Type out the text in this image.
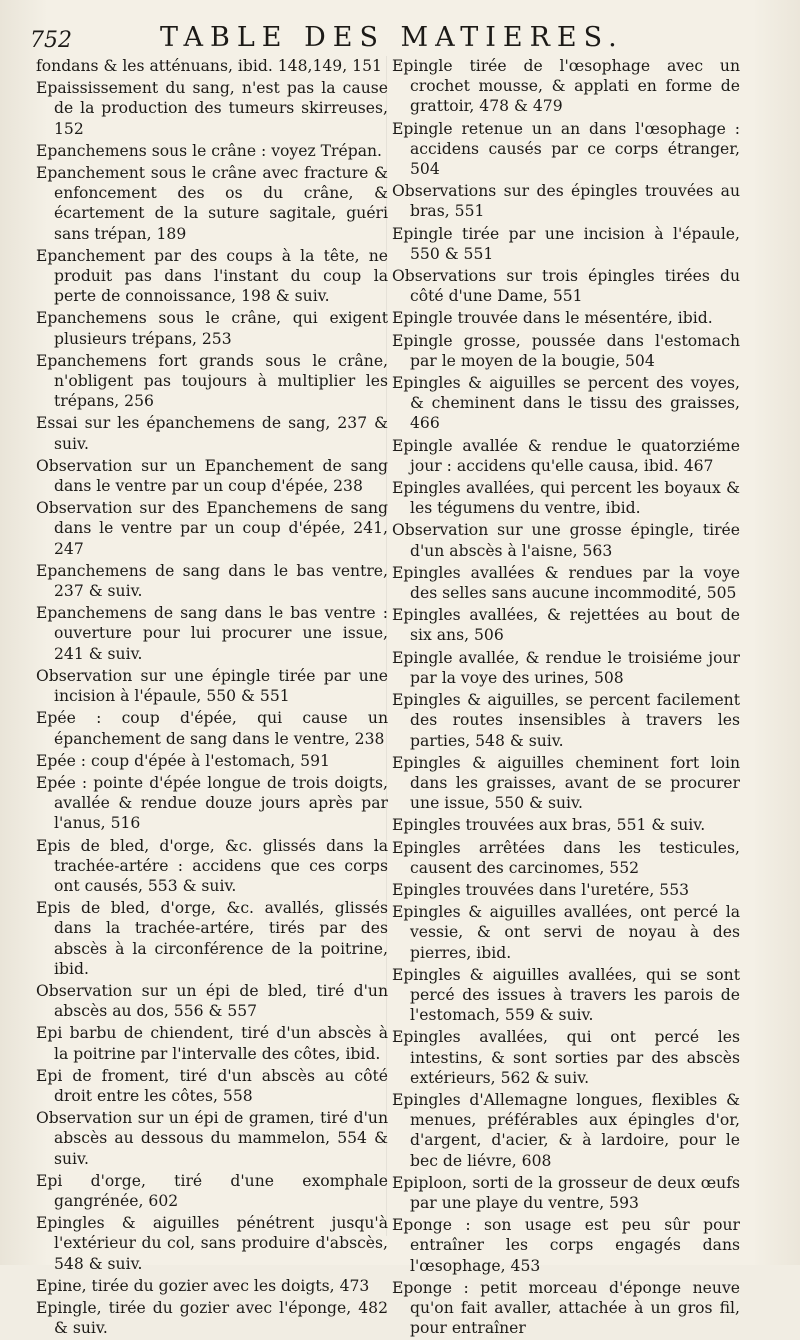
752	TABLE DES MATIERES.

fondans & les atténuans, ibid. 148,149, 151

Epaississement du sang, n'est pas la cause de la production des tumeurs skirreuses, 152

Epanchemens sous le crâne : voyez Trépan.

Epanchement sous le crâne avec fracture & enfoncement des os du crâne, & écartement de la suture sagitale, guéri sans trépan, 189

Epanchement par des coups à la tête, ne produit pas dans l'instant du coup la perte de connoissance, 198 & suiv.

Epanchemens sous le crâne, qui exigent plusieurs trépans, 253

Epanchemens fort grands sous le crâne, n'obligent pas toujours à multiplier les trépans, 256

Essai sur les épanchemens de sang, 237 & suiv.

Observation sur un Epanchement de sang dans le ventre par un coup d'épée, 238

Observation sur des Epanchemens de sang dans le ventre par un coup d'épée, 241, 247

Epanchemens de sang dans le bas ventre, 237 & suiv.

Epanchemens de sang dans le bas ventre : ouverture pour lui procurer une issue, 241 & suiv.

Observation sur une épingle tirée par une incision à l'épaule, 550 & 551

Epée : coup d'épée, qui cause un épanchement de sang dans le ventre, 238

Epée : coup d'épée à l'estomach, 591

Epée : pointe d'épée longue de trois doigts, avallée & rendue douze jours après par l'anus, 516

Epis de bled, d'orge, &c. glissés dans la trachée-artére : accidens que ces corps ont causés, 553 & suiv.

Epis de bled, d'orge, &c. avallés, glissés dans la trachée-artére, tirés par des abscès à la circonférence de la poitrine, ibid.

Observation sur un épi de bled, tiré d'un abscès au dos, 556 & 557

Epi barbu de chiendent, tiré d'un abscès à la poitrine par l'intervalle des côtes, ibid.

Epi de froment, tiré d'un abscès au côté droit entre les côtes, 558

Observation sur un épi de gramen, tiré d'un abscès au dessous du mammelon, 554 & suiv.

Epi d'orge, tiré d'une exomphale gangrénée, 602

Epingles & aiguilles pénétrent jusqu'à l'extérieur du col, sans produire d'abscès, 548 & suiv.

Epine, tirée du gozier avec les doigts, 473

Epingle, tirée du gozier avec l'éponge, 482 & suiv.

Epingle tirée de l'œsophage avec un crochet mousse, & applati en forme de grattoir, 478 & 479

Epingle retenue un an dans l'œsophage : accidens causés par ce corps étranger, 504

Observations sur des épingles trouvées au bras, 551

Epingle tirée par une incision à l'épaule, 550 & 551

Observations sur trois épingles tirées du côté d'une Dame, 551

Epingle trouvée dans le mésentére, ibid.

Epingle grosse, poussée dans l'estomach par le moyen de la bougie, 504

Epingles & aiguilles se percent des voyes, & cheminent dans le tissu des graisses, 466

Epingle avallée & rendue le quatorziéme jour : accidens qu'elle causa, ibid. 467

Epingles avallées, qui percent les boyaux & les tégumens du ventre, ibid.

Observation sur une grosse épingle, tirée d'un abscès à l'aisne, 563

Epingles avallées & rendues par la voye des selles sans aucune incommodité, 505

Epingles avallées, & rejettées au bout de six ans, 506

Epingle avallée, & rendue le troisiéme jour par la voye des urines, 508

Epingles & aiguilles, se percent facilement des routes insensibles à travers les parties, 548 & suiv.

Epingles & aiguilles cheminent fort loin dans les graisses, avant de se procurer une issue, 550 & suiv.

Epingles trouvées aux bras, 551 & suiv.

Epingles arrêtées dans les testicules, causent des carcinomes, 552

Epingles trouvées dans l'uretére, 553

Epingles & aiguilles avallées, ont percé la vessie, & ont servi de noyau à des pierres, ibid.

Epingles & aiguilles avallées, qui se sont percé des issues à travers les parois de l'estomach, 559 & suiv.

Epingles avallées, qui ont percé les intestins, & sont sorties par des abscès extérieurs, 562 & suiv.

Epingles d'Allemagne longues, flexibles & menues, préférables aux épingles d'or, d'argent, d'acier, & à lardoire, pour le bec de liévre, 608

Epiploon, sorti de la grosseur de deux œufs par une playe du ventre, 593

Eponge : son usage est peu sûr pour entraîner les corps engagés dans l'œsophage, 453

Eponge : petit morceau d'éponge neuve qu'on fait avaller, attachée à un gros fil, pour entraîner
